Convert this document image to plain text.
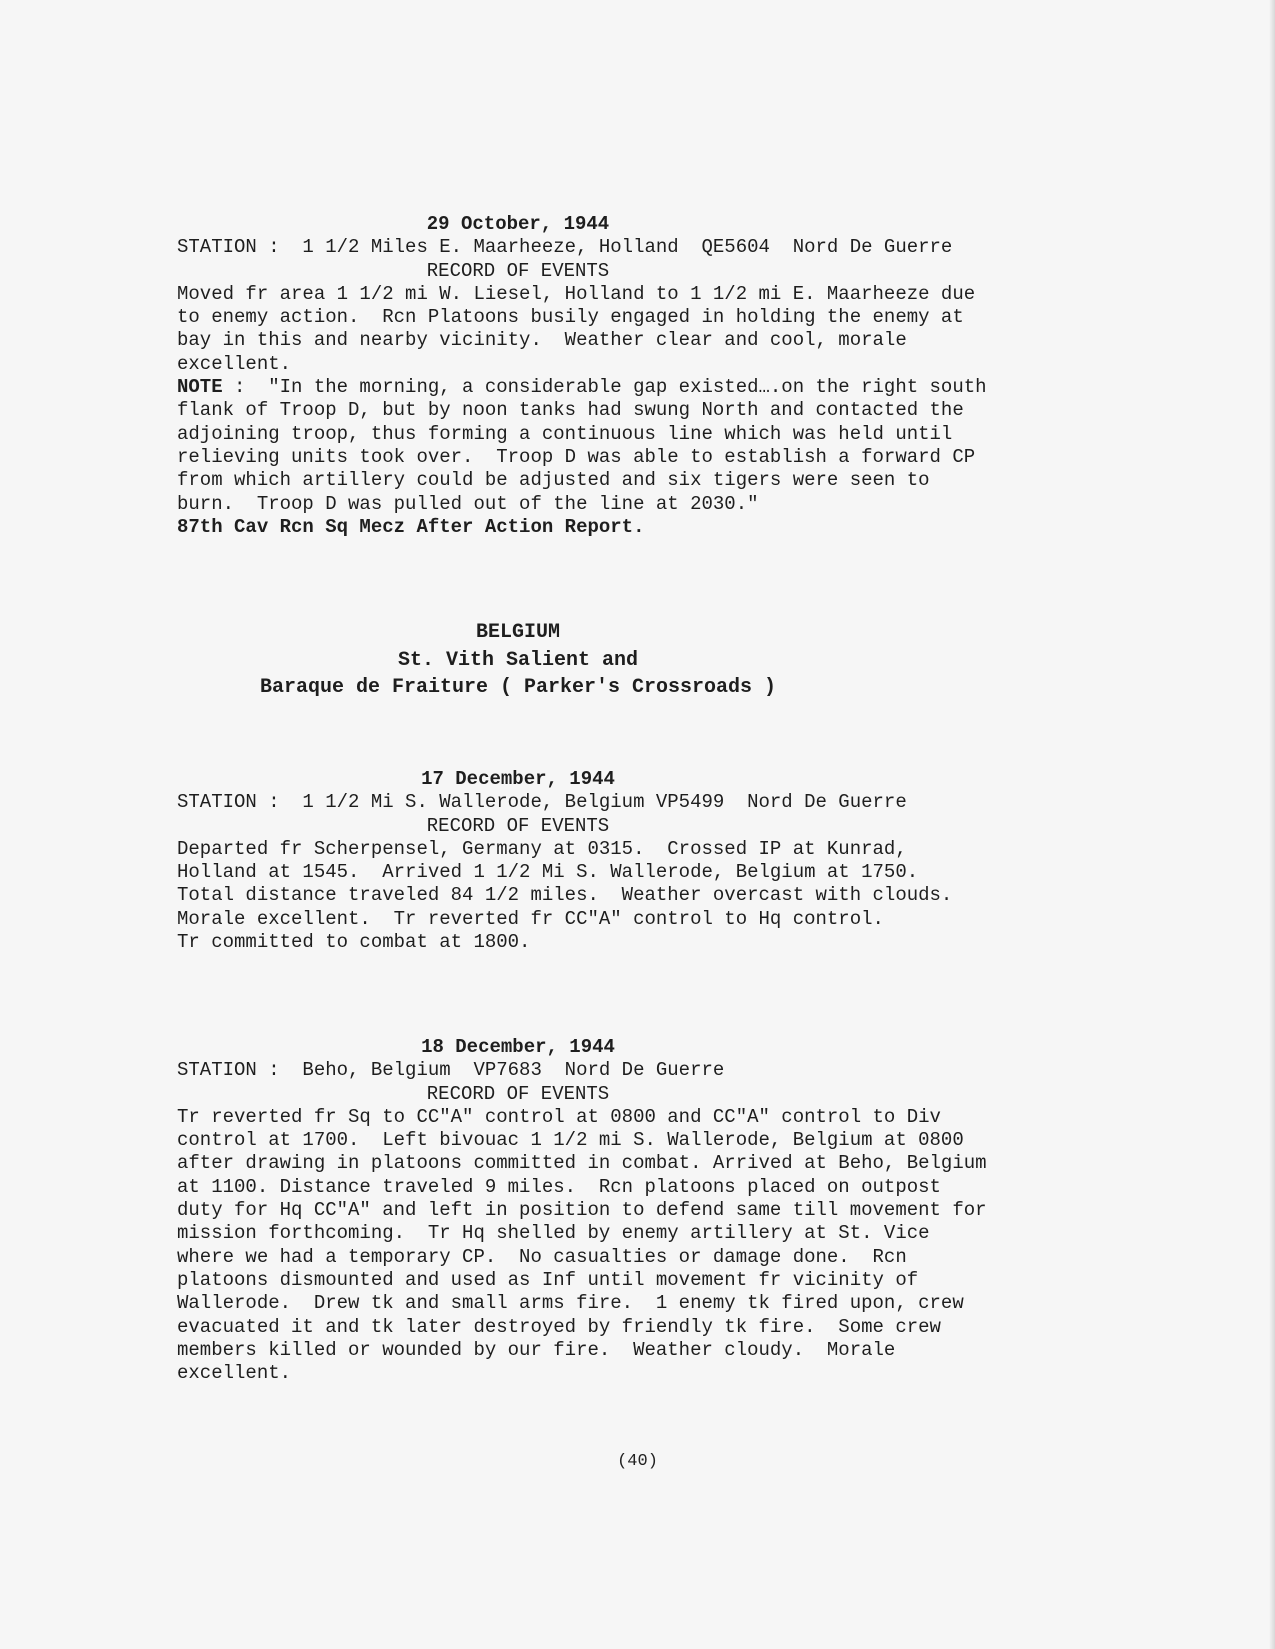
29 October, 1944

STATION :  1 1/2 Miles E. Maarheeze, Holland  QE5604  Nord De Guerre

RECORD OF EVENTS

Moved fr area 1 1/2 mi W. Liesel, Holland to 1 1/2 mi E. Maarheeze due

to enemy action.  Rcn Platoons busily engaged in holding the enemy at

bay in this and nearby vicinity.  Weather clear and cool, morale

excellent.

NOTE :  "In the morning, a considerable gap existed….on the right south

flank of Troop D, but by noon tanks had swung North and contacted the

adjoining troop, thus forming a continuous line which was held until

relieving units took over.  Troop D was able to establish a forward CP

from which artillery could be adjusted and six tigers were seen to

burn.  Troop D was pulled out of the line at 2030."

87th Cav Rcn Sq Mecz After Action Report.

BELGIUM

St. Vith Salient and

Baraque de Fraiture ( Parker's Crossroads )

17 December, 1944

STATION :  1 1/2 Mi S. Wallerode, Belgium VP5499  Nord De Guerre

RECORD OF EVENTS

Departed fr Scherpensel, Germany at 0315.  Crossed IP at Kunrad,

Holland at 1545.  Arrived 1 1/2 Mi S. Wallerode, Belgium at 1750.

Total distance traveled 84 1/2 miles.  Weather overcast with clouds.

Morale excellent.  Tr reverted fr CC"A" control to Hq control.

Tr committed to combat at 1800.

18 December, 1944

STATION :  Beho, Belgium  VP7683  Nord De Guerre

RECORD OF EVENTS

Tr reverted fr Sq to CC"A" control at 0800 and CC"A" control to Div

control at 1700.  Left bivouac 1 1/2 mi S. Wallerode, Belgium at 0800

after drawing in platoons committed in combat. Arrived at Beho, Belgium

at 1100. Distance traveled 9 miles.  Rcn platoons placed on outpost

duty for Hq CC"A" and left in position to defend same till movement for

mission forthcoming.  Tr Hq shelled by enemy artillery at St. Vice

where we had a temporary CP.  No casualties or damage done.  Rcn

platoons dismounted and used as Inf until movement fr vicinity of

Wallerode.  Drew tk and small arms fire.  1 enemy tk fired upon, crew

evacuated it and tk later destroyed by friendly tk fire.  Some crew

members killed or wounded by our fire.  Weather cloudy.  Morale

excellent.

(40)
